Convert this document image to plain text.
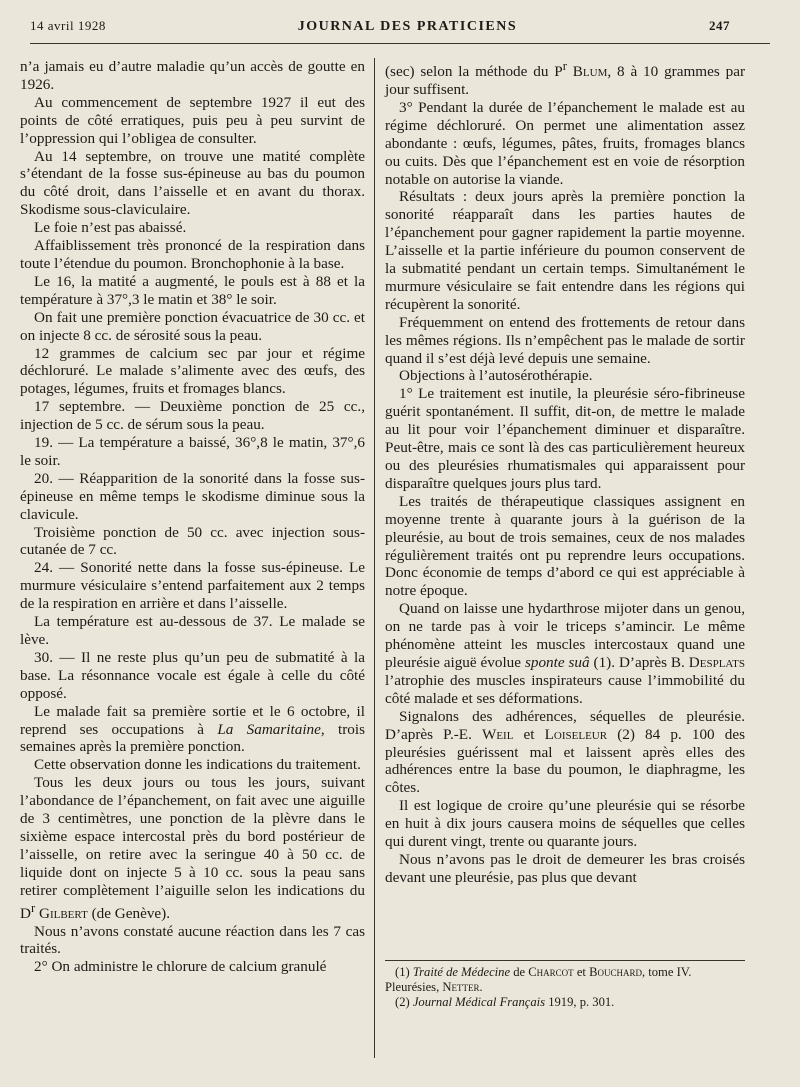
14 avril 1928	JOURNAL DES PRATICIENS	247

n’a jamais eu d’autre maladie qu’un accès de goutte en 1926.

Au commencement de septembre 1927 il eut des points de côté erratiques, puis peu à peu survint de l’oppression qui l’obligea de consulter.

Au 14 septembre, on trouve une matité complète s’étendant de la fosse sus-épineuse au bas du poumon du côté droit, dans l’aisselle et en avant du thorax. Skodisme sous-claviculaire.

Le foie n’est pas abaissé.

Affaiblissement très prononcé de la respiration dans toute l’étendue du poumon. Bronchophonie à la base.

Le 16, la matité a augmenté, le pouls est à 88 et la température à 37°,3 le matin et 38° le soir.

On fait une première ponction évacuatrice de 30 cc. et on injecte 8 cc. de sérosité sous la peau.

12 grammes de calcium sec par jour et régime déchloruré. Le malade s’alimente avec des œufs, des potages, légumes, fruits et fromages blancs.

17 septembre. — Deuxième ponction de 25 cc., injection de 5 cc. de sérum sous la peau.

19. — La température a baissé, 36°,8 le matin, 37°,6 le soir.

20. — Réapparition de la sonorité dans la fosse sus-épineuse en même temps le skodisme diminue sous la clavicule.

Troisième ponction de 50 cc. avec injection sous-cutanée de 7 cc.

24. — Sonorité nette dans la fosse sus-épineuse. Le murmure vésiculaire s’entend parfaitement aux 2 temps de la respiration en arrière et dans l’aisselle.

La température est au-dessous de 37. Le malade se lève.

30. — Il ne reste plus qu’un peu de submatité à la base. La résonnance vocale est égale à celle du côté opposé.

Le malade fait sa première sortie et le 6 octobre, il reprend ses occupations à La Samaritaine, trois semaines après la première ponction.

Cette observation donne les indications du traitement.

Tous les deux jours ou tous les jours, suivant l’abondance de l’épanchement, on fait avec une aiguille de 3 centimètres, une ponction de la plèvre dans le sixième espace intercostal près du bord postérieur de l’aisselle, on retire avec la seringue 40 à 50 cc. de liquide dont on injecte 5 à 10 cc. sous la peau sans retirer complètement l’aiguille selon les indications du $D^r$ Gilbert (de Genève).

Nous n’avons constaté aucune réaction dans les 7 cas traités.

2° On administre le chlorure de calcium granulé

(sec) selon la méthode du $P^r$ Blum, 8 à 10 grammes par jour suffisent.

3° Pendant la durée de l’épanchement le malade est au régime déchloruré. On permet une alimentation assez abondante : œufs, légumes, pâtes, fruits, fromages blancs ou cuits. Dès que l’épanchement est en voie de résorption notable on autorise la viande.

Résultats : deux jours après la première ponction la sonorité réapparaît dans les parties hautes de l’épanchement pour gagner rapidement la partie moyenne. L’aisselle et la partie inférieure du poumon conservent de la submatité pendant un certain temps. Simultanément le murmure vésiculaire se fait entendre dans les régions qui récupèrent la sonorité.

Fréquemment on entend des frottements de retour dans les mêmes régions. Ils n’empêchent pas le malade de sortir quand il s’est déjà levé depuis une semaine.

Objections à l’autosérothérapie.

1° Le traitement est inutile, la pleurésie séro-fibrineuse guérit spontanément. Il suffit, dit-on, de mettre le malade au lit pour voir l’épanchement diminuer et disparaître. Peut-être, mais ce sont là des cas particulièrement heureux ou des pleurésies rhumatismales qui apparaissent pour disparaître quelques jours plus tard.

Les traités de thérapeutique classiques assignent en moyenne trente à quarante jours à la guérison de la pleurésie, au bout de trois semaines, ceux de nos malades régulièrement traités ont pu reprendre leurs occupations. Donc économie de temps d’abord ce qui est appréciable à notre époque.

Quand on laisse une hydarthrose mijoter dans un genou, on ne tarde pas à voir le triceps s’amincir. Le même phénomène atteint les muscles intercostaux quand une pleurésie aiguë évolue sponte suâ (1). D’après B. Desplats l’atrophie des muscles inspirateurs cause l’immobilité du côté malade et ses déformations.

Signalons des adhérences, séquelles de pleurésie. D’après P.-E. Weil et Loiseleur (2) 84 p. 100 des pleurésies guérissent mal et laissent après elles des adhérences entre la base du poumon, le diaphragme, les côtes.

Il est logique de croire qu’une pleurésie qui se résorbe en huit à dix jours causera moins de séquelles que celles qui durent vingt, trente ou quarante jours.

Nous n’avons pas le droit de demeurer les bras croisés devant une pleurésie, pas plus que devant

(1) Traité de Médecine de Charcot et Bouchard, tome IV. Pleurésies, Netter.

(2) Journal Médical Français 1919, p. 301.
